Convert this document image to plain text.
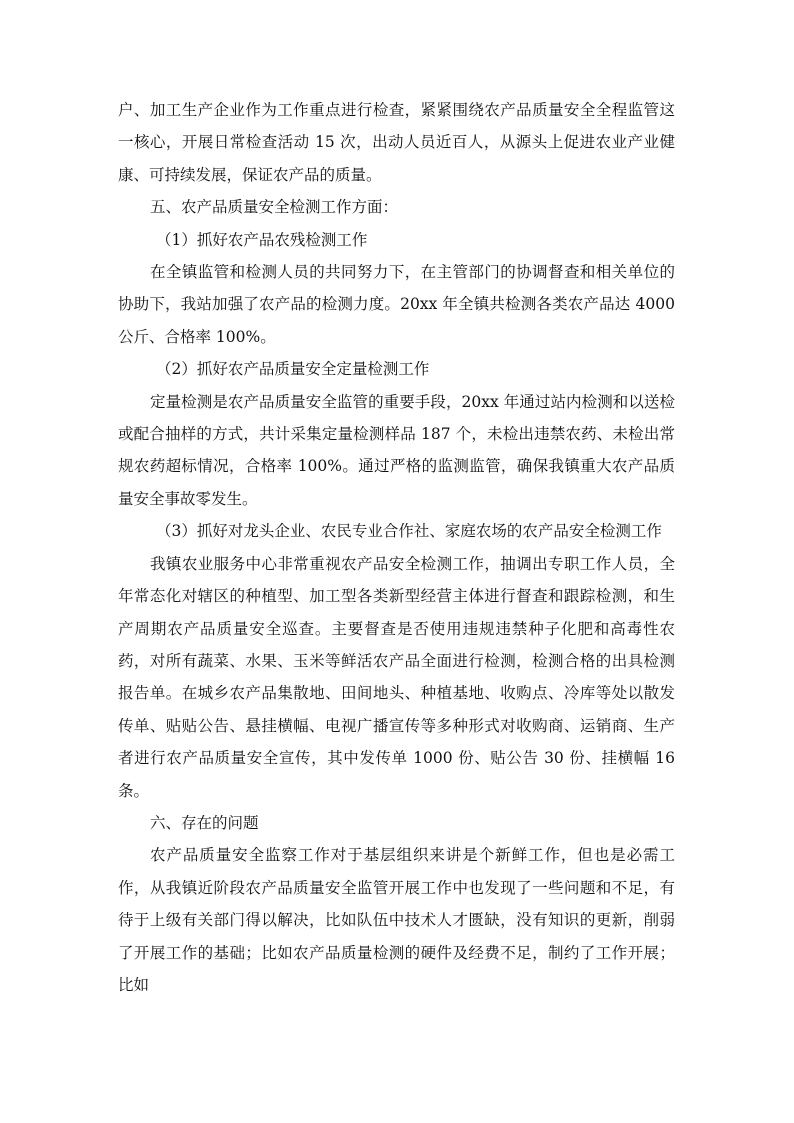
户、加工生产企业作为工作重点进行检查，紧紧围绕农产品质量安全全程监管这一核心，开展日常检查活动 15 次，出动人员近百人，从源头上促进农业产业健康、可持续发展，保证农产品的质量。

五、农产品质量安全检测工作方面：

（1）抓好农产品农残检测工作

在全镇监管和检测人员的共同努力下，在主管部门的协调督查和相关单位的协助下，我站加强了农产品的检测力度。20xx 年全镇共检测各类农产品达 4000 公斤、合格率 100%。

（2）抓好农产品质量安全定量检测工作

定量检测是农产品质量安全监管的重要手段，20xx 年通过站内检测和以送检或配合抽样的方式，共计采集定量检测样品 187 个，未检出违禁农药、未检出常规农药超标情况，合格率 100%。通过严格的监测监管，确保我镇重大农产品质量安全事故零发生。

（3）抓好对龙头企业、农民专业合作社、家庭农场的农产品安全检测工作

我镇农业服务中心非常重视农产品安全检测工作，抽调出专职工作人员，全年常态化对辖区的种植型、加工型各类新型经营主体进行督查和跟踪检测，和生产周期农产品质量安全巡查。主要督查是否使用违规违禁种子化肥和高毒性农药，对所有蔬菜、水果、玉米等鲜活农产品全面进行检测，检测合格的出具检测报告单。在城乡农产品集散地、田间地头、种植基地、收购点、冷库等处以散发传单、贴贴公告、悬挂横幅、电视广播宣传等多种形式对收购商、运销商、生产者进行农产品质量安全宣传，其中发传单 1000 份、贴公告 30 份、挂横幅 16 条。

六、存在的问题

农产品质量安全监察工作对于基层组织来讲是个新鲜工作，但也是必需工作，从我镇近阶段农产品质量安全监管开展工作中也发现了一些问题和不足，有待于上级有关部门得以解决，比如队伍中技术人才匮缺，没有知识的更新，削弱了开展工作的基础；比如农产品质量检测的硬件及经费不足，制约了工作开展；比如
